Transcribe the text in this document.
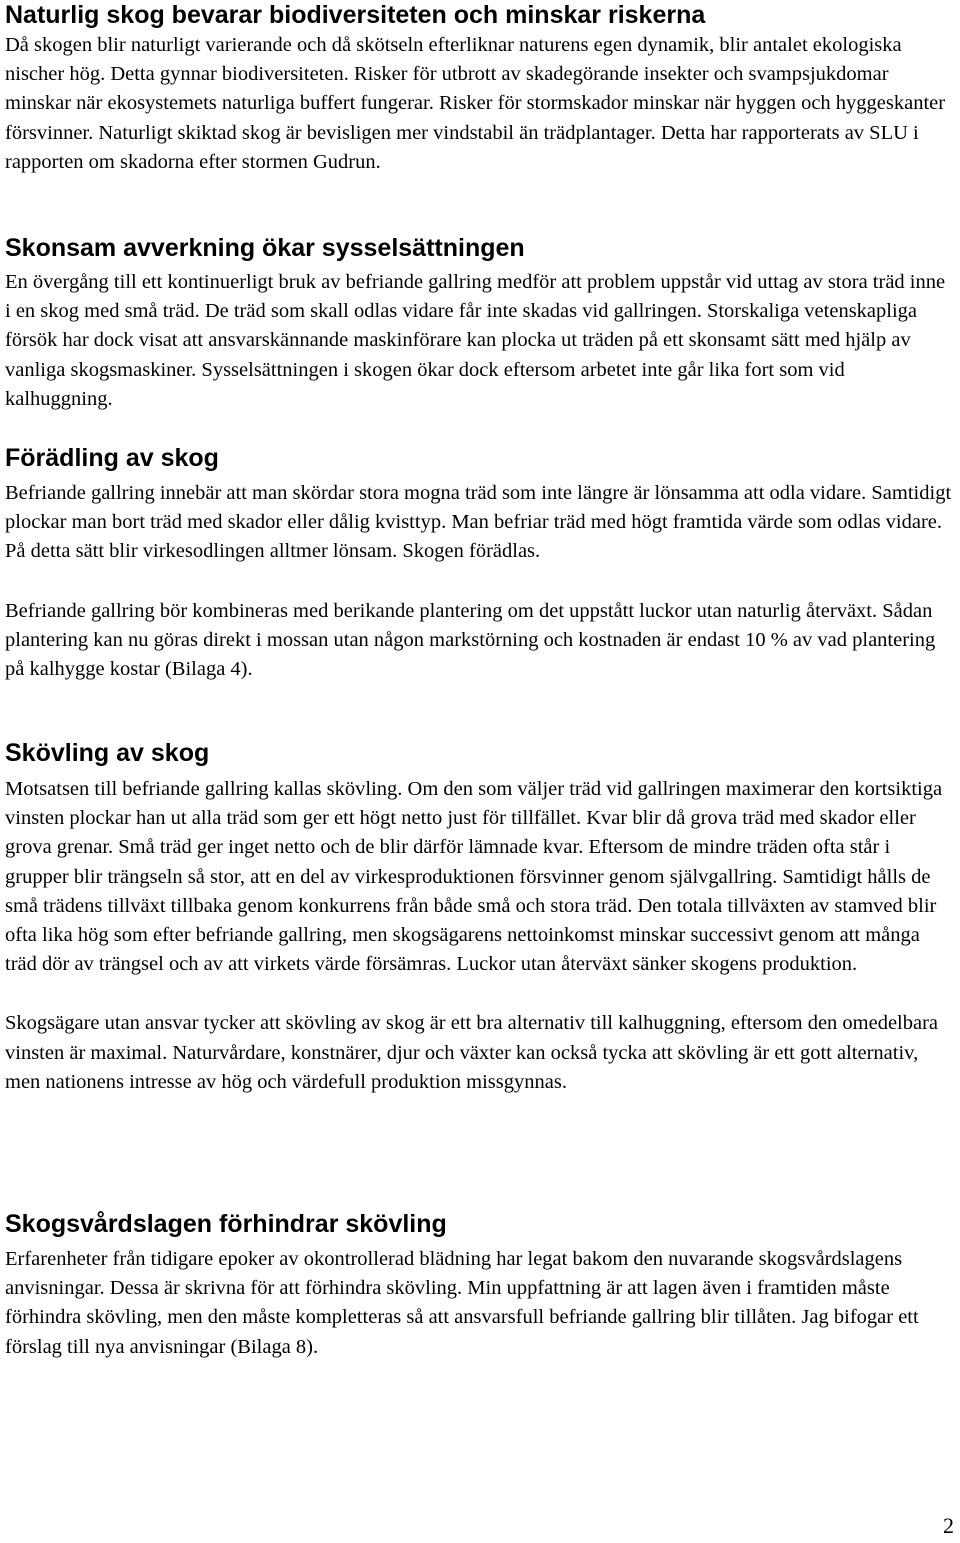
Naturlig skog bevarar biodiversiteten och minskar riskerna

Då skogen blir naturligt varierande och då skötseln efterliknar naturens egen dynamik, blir antalet ekologiska nischer hög. Detta gynnar biodiversiteten. Risker för utbrott av skadegörande insekter och svampsjukdomar minskar när ekosystemets naturliga buffert fungerar. Risker för stormskador minskar när hyggen och hyggeskanter försvinner. Naturligt skiktad skog är bevisligen mer vindstabil än trädplantager. Detta har rapporterats av SLU i rapporten om skadorna efter stormen Gudrun.

Skonsam avverkning ökar sysselsättningen

En övergång till ett kontinuerligt bruk av befriande gallring medför att problem uppstår vid uttag av stora träd inne i en skog med små träd. De träd som skall odlas vidare får inte skadas vid gallringen. Storskaliga vetenskapliga försök har dock visat att ansvarskännande maskinförare kan plocka ut träden på ett skonsamt sätt med hjälp av vanliga skogsmaskiner. Sysselsättningen i skogen ökar dock eftersom arbetet inte går lika fort som vid kalhuggning.

Förädling av skog

Befriande gallring innebär att man skördar stora mogna träd som inte längre är lönsamma att odla vidare. Samtidigt plockar man bort träd med skador eller dålig kvisttyp. Man befriar träd med högt framtida värde som odlas vidare. På detta sätt blir virkesodlingen alltmer lönsam. Skogen förädlas.

Befriande gallring bör kombineras med berikande plantering om det uppstått luckor utan naturlig återväxt. Sådan plantering kan nu göras direkt i mossan utan någon markstörning och kostnaden är endast 10 % av vad plantering på kalhygge kostar (Bilaga 4).

Skövling av skog

Motsatsen till befriande gallring kallas skövling. Om den som väljer träd vid gallringen maximerar den kortsiktiga vinsten plockar han ut alla träd som ger ett högt netto just för tillfället. Kvar blir då grova träd med skador eller grova grenar. Små träd ger inget netto och de blir därför lämnade kvar. Eftersom de mindre träden ofta står i grupper blir trängseln så stor, att en del av virkesproduktionen försvinner genom självgallring. Samtidigt hålls de små trädens tillväxt tillbaka genom konkurrens från både små och stora träd. Den totala tillväxten av stamved blir ofta lika hög som efter befriande gallring, men skogsägarens nettoinkomst minskar successivt genom att många träd dör av trängsel och av att virkets värde försämras. Luckor utan återväxt sänker skogens produktion.

Skogsägare utan ansvar tycker att skövling av skog är ett bra alternativ till kalhuggning, eftersom den omedelbara vinsten är maximal. Naturvårdare, konstnärer, djur och växter kan också tycka att skövling är ett gott alternativ, men nationens intresse av hög och värdefull produktion missgynnas.

Skogsvårdslagen förhindrar skövling

Erfarenheter från tidigare epoker av okontrollerad blädning har legat bakom den nuvarande skogsvårdslagens anvisningar. Dessa är skrivna för att förhindra skövling. Min uppfattning är att lagen även i framtiden måste förhindra skövling, men den måste kompletteras så att ansvarsfull befriande gallring blir tillåten. Jag bifogar ett förslag till nya anvisningar (Bilaga 8).

2
